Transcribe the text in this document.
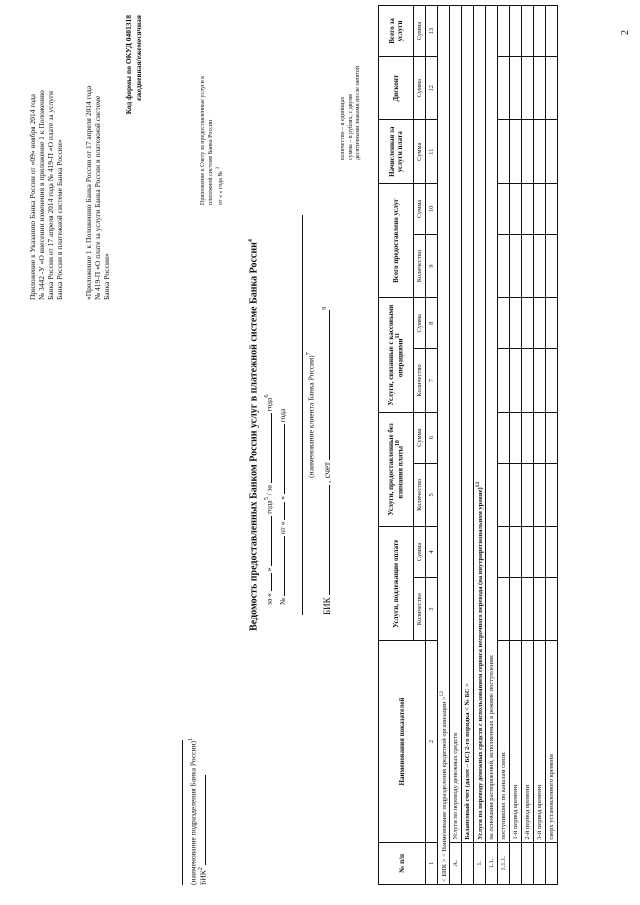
Приложение к Указанию Банка России от «09» ноября 2014 года № 3442 -У «О внесении изменения в приложение 1 к Положению Банка России от 17 апреля 2014 года № 419-П «О плате за услуги Банка России в платежной системе Банка России»	«Приложение 1 к Положению Банка России от 17 апреля 2014 года № 419-П «О плате за услуги Банка России в платежной системе Банка России»
Код формы по ОКУД 0401318 ежедневная/ежемесячная
Приложение к Счету за предоставленные услуги в платежной системе Банка России от « » года № $^3$
(наименование подразделения Банка России)$^1$
БИК$^2$
Ведомость предоставленных Банком России услуг в платежной системе Банка России$^4$
за «  »  года$^5$ / за  года$^6$
№  от «  »  года	(наименование клиента Банка России)$^7$
БИК  , счет $^9$
количество – в единицах сумма – в рублях, с двумя десятичными знаками после запятой
№ п/п	Наименования показателей	Услуги, подлежащие оплате		Услуги, предоставленные без взимания платы$^{10}$		Услуги, связанные с кассовыми операциями$^{11}$		Всего предоставлено услуг		Начисленная за услуги плата	Дисконт	Всего за услуги
		Количество	Сумма	Количество	Сумма	Количество	Сумма	Количество	Сумма	Сумма	Сумма	Сумма
1	2	3	4	5	6	7	8	9	10	11	12	13
< БИК > < Наименование подразделения кредитной организации >$^{12}$
А.	Услуги по переводу денежных средств											
	Балансовый счет (далее – БС) 2-го порядка < № БС >											
1.	Услуги по переводу денежных средств с использованием сервиса несрочного перевода (на внутрирегиональном уровне)$^{13}$
1.1.	на основании распоряжений, исполненных в режиме поступления:											
1.1.1.	поступивших по каналам связи:											
	1-й период времени											
	2-й период времени											
	3-й период времени											
	сверх установленного времени											
2
